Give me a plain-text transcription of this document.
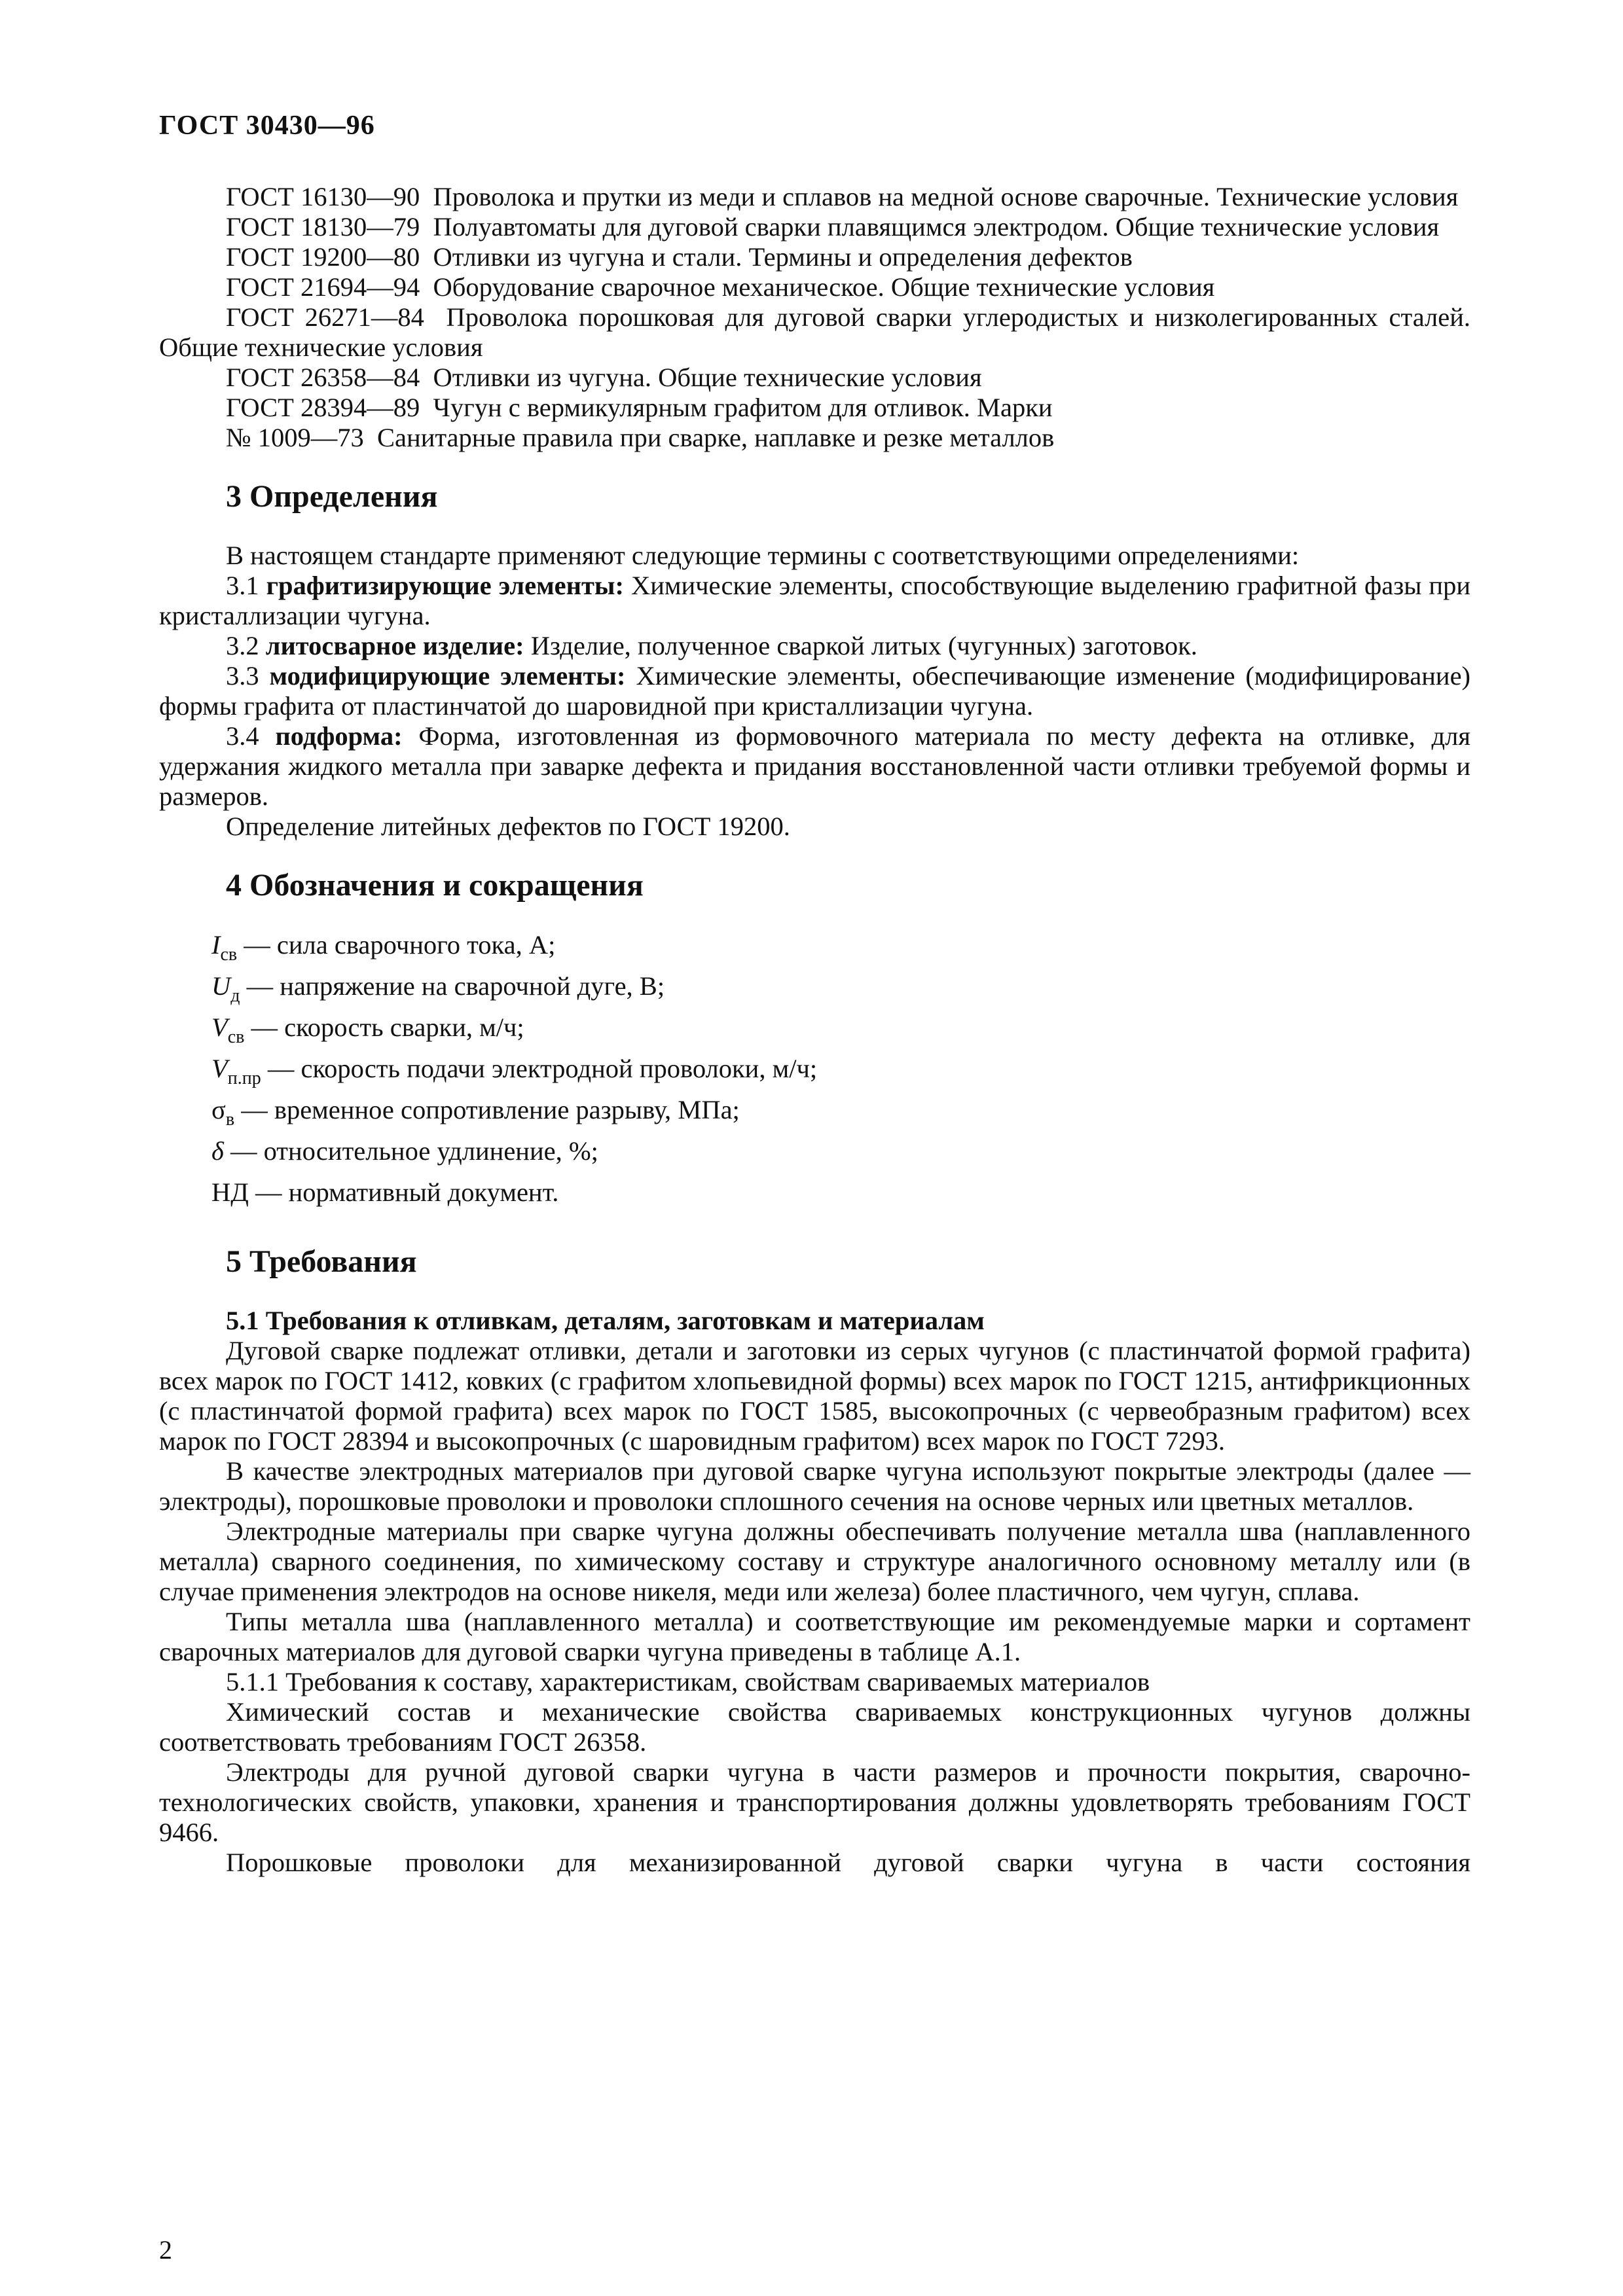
ГОСТ 30430—96

ГОСТ 16130—90 Проволока и прутки из меди и сплавов на медной основе сварочные. Технические условия

ГОСТ 18130—79 Полуавтоматы для дуговой сварки плавящимся электродом. Общие технические условия

ГОСТ 19200—80 Отливки из чугуна и стали. Термины и определения дефектов

ГОСТ 21694—94 Оборудование сварочное механическое. Общие технические условия

ГОСТ 26271—84 Проволока порошковая для дуговой сварки углеродистых и низколегированных сталей. Общие технические условия

ГОСТ 26358—84 Отливки из чугуна. Общие технические условия

ГОСТ 28394—89 Чугун с вермикулярным графитом для отливок. Марки

№ 1009—73 Санитарные правила при сварке, наплавке и резке металлов

3 Определения

В настоящем стандарте применяют следующие термины с соответствующими определениями:

3.1 графитизирующие элементы: Химические элементы, способствующие выделению графитной фазы при кристаллизации чугуна.

3.2 литосварное изделие: Изделие, полученное сваркой литых (чугунных) заготовок.

3.3 модифицирующие элементы: Химические элементы, обеспечивающие изменение (модифицирование) формы графита от пластинчатой до шаровидной при кристаллизации чугуна.

3.4 подформа: Форма, изготовленная из формовочного материала по месту дефекта на отливке, для удержания жидкого металла при заварке дефекта и придания восстановленной части отливки требуемой формы и размеров.

Определение литейных дефектов по ГОСТ 19200.

4 Обозначения и сокращения

$I_{св}$ — сила сварочного тока, А;

$U_д$ — напряжение на сварочной дуге, В;

$V_{св}$ — скорость сварки, м/ч;

$V_{п.пр}$ — скорость подачи электродной проволоки, м/ч;

$\sigma_в$ — временное сопротивление разрыву, МПа;

δ — относительное удлинение, %;

НД — нормативный документ.

5 Требования

5.1 Требования к отливкам, деталям, заготовкам и материалам

Дуговой сварке подлежат отливки, детали и заготовки из серых чугунов (с пластинчатой формой графита) всех марок по ГОСТ 1412, ковких (с графитом хлопьевидной формы) всех марок по ГОСТ 1215, антифрикционных (с пластинчатой формой графита) всех марок по ГОСТ 1585, высокопрочных (с червеобразным графитом) всех марок по ГОСТ 28394 и высокопрочных (с шаровидным графитом) всех марок по ГОСТ 7293.

В качестве электродных материалов при дуговой сварке чугуна используют покрытые электроды (далее — электроды), порошковые проволоки и проволоки сплошного сечения на основе черных или цветных металлов.

Электродные материалы при сварке чугуна должны обеспечивать получение металла шва (наплавленного металла) сварного соединения, по химическому составу и структуре аналогичного основному металлу или (в случае применения электродов на основе никеля, меди или железа) более пластичного, чем чугун, сплава.

Типы металла шва (наплавленного металла) и соответствующие им рекомендуемые марки и сортамент сварочных материалов для дуговой сварки чугуна приведены в таблице А.1.

5.1.1 Требования к составу, характеристикам, свойствам свариваемых материалов

Химический состав и механические свойства свариваемых конструкционных чугунов должны соответствовать требованиям ГОСТ 26358.

Электроды для ручной дуговой сварки чугуна в части размеров и прочности покрытия, сварочно-технологических свойств, упаковки, хранения и транспортирования должны удовлетворять требованиям ГОСТ 9466.

Порошковые проволоки для механизированной дуговой сварки чугуна в части состояния

2
